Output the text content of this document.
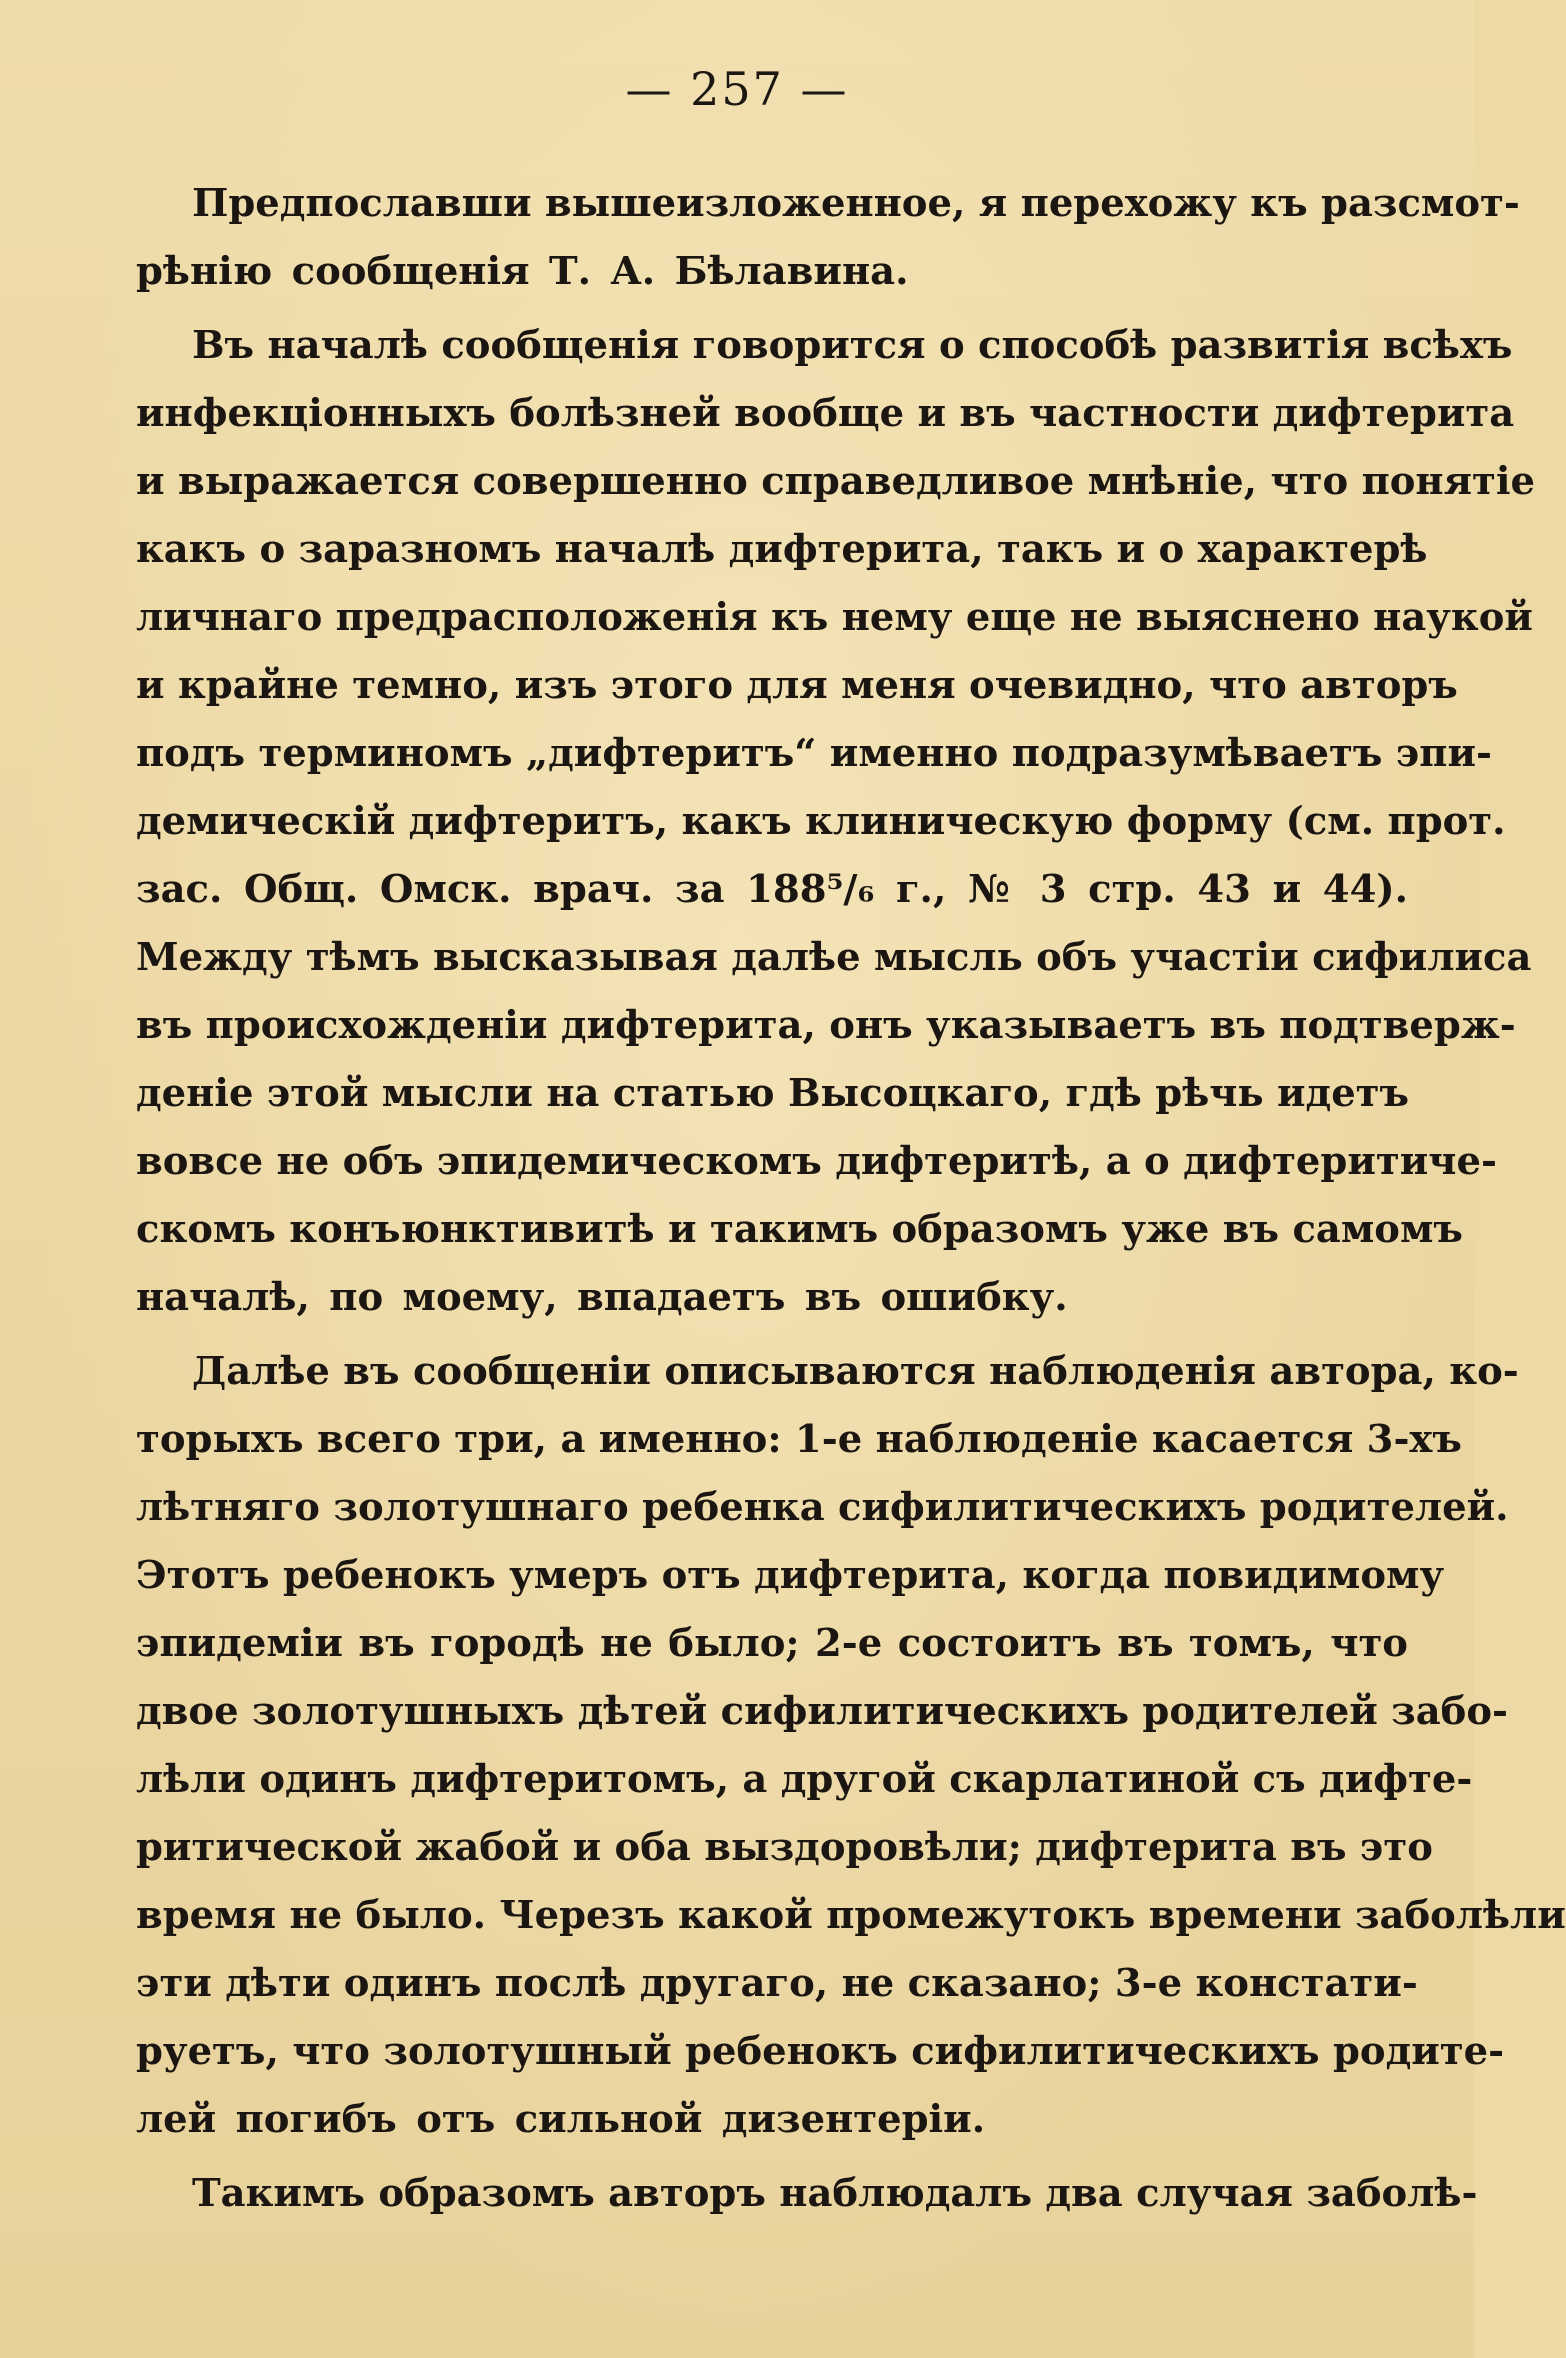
— 257 —
Предпославши вышеизложенное, я перехожу къ разсмот-
рѣнію сообщенія Т. А. Бѣлавина.
Въ началѣ сообщенія говорится о способѣ развитія всѣхъ
инфекціонныхъ болѣзней вообще и въ частности дифтерита
и выражается совершенно справедливое мнѣніе, что понятіе
какъ о заразномъ началѣ дифтерита, такъ и о характерѣ
личнаго предрасположенія къ нему еще не выяснено наукой
и крайне темно, изъ этого для меня очевидно, что авторъ
подъ терминомъ „дифтеритъ“ именно подразумѣваетъ эпи-
демическій дифтеритъ, какъ клиническую форму (см. прот.
зас. Общ. Омск. врач. за 188⁵/₆ г., № 3 стр. 43 и 44).
Между тѣмъ высказывая далѣе мысль объ участіи сифилиса
въ происхожденіи дифтерита, онъ указываетъ въ подтверж-
деніе этой мысли на статью Высоцкаго, гдѣ рѣчь идетъ
вовсе не объ эпидемическомъ дифтеритѣ, а о дифтеритиче-
скомъ конъюнктивитѣ и такимъ образомъ уже въ самомъ
началѣ, по моему, впадаетъ въ ошибку.
Далѣе въ сообщеніи описываются наблюденія автора, ко-
торыхъ всего три, а именно: 1-е наблюденіе касается 3-хъ
лѣтняго золотушнаго ребенка сифилитическихъ родителей.
Этотъ ребенокъ умеръ отъ дифтерита, когда повидимому
эпидеміи въ городѣ не было; 2-е состоитъ въ томъ, что
двое золотушныхъ дѣтей сифилитическихъ родителей забо-
лѣли одинъ дифтеритомъ, а другой скарлатиной съ дифте-
ритической жабой и оба выздоровѣли; дифтерита въ это
время не было. Черезъ какой промежутокъ времени заболѣли
эти дѣти одинъ послѣ другаго, не сказано; 3-е констати-
руетъ, что золотушный ребенокъ сифилитическихъ родите-
лей погибъ отъ сильной дизентеріи.
Такимъ образомъ авторъ наблюдалъ два случая заболѣ-
